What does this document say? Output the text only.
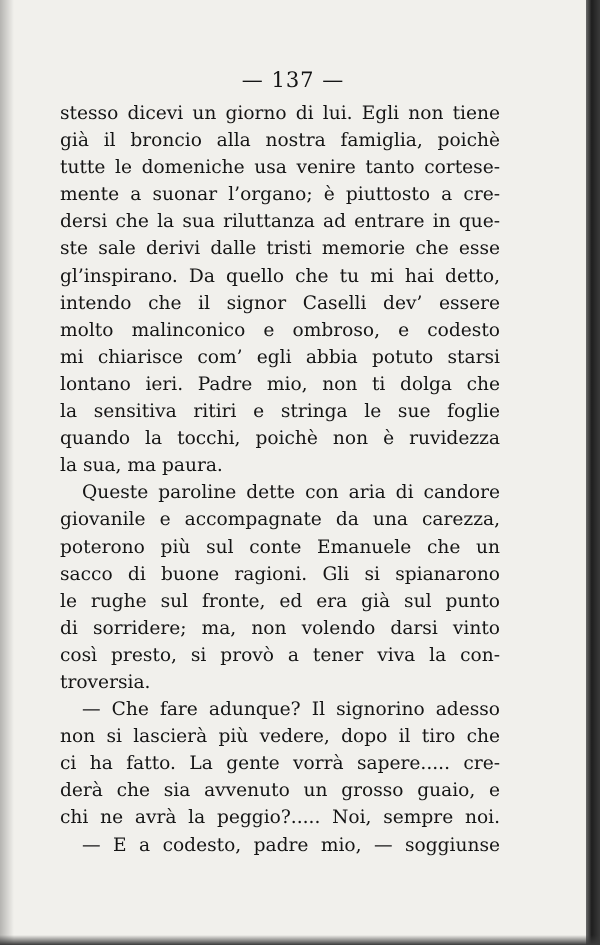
— 137 —
stesso dicevi un giorno di lui. Egli non tiene
già il broncio alla nostra famiglia, poichè
tutte le domeniche usa venire tanto cortese-
mente a suonar l’organo; è piuttosto a cre-
dersi che la sua riluttanza ad entrare in que-
ste sale derivi dalle tristi memorie che esse
gl’inspirano. Da quello che tu mi hai detto,
intendo che il signor Caselli dev’ essere
molto malinconico e ombroso, e codesto
mi chiarisce com’ egli abbia potuto starsi
lontano ieri. Padre mio, non ti dolga che
la sensitiva ritiri e stringa le sue foglie
quando la tocchi, poichè non è ruvidezza
la sua, ma paura.
Queste paroline dette con aria di candore
giovanile e accompagnate da una carezza,
poterono più sul conte Emanuele che un
sacco di buone ragioni. Gli si spianarono
le rughe sul fronte, ed era già sul punto
di sorridere; ma, non volendo darsi vinto
così presto, si provò a tener viva la con-
troversia.
— Che fare adunque? Il signorino adesso
non si lascierà più vedere, dopo il tiro che
ci ha fatto. La gente vorrà sapere..... cre-
derà che sia avvenuto un grosso guaio, e
chi ne avrà la peggio?..... Noi, sempre noi.
— E a codesto, padre mio, — soggiunse
